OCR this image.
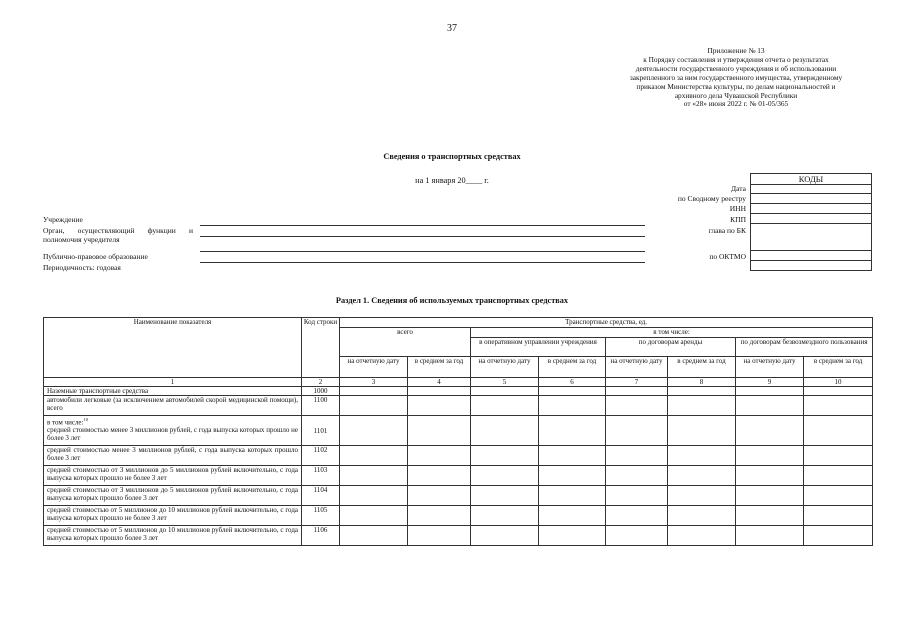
37
Приложение № 13
к Порядку составления и утверждения отчета о результатах
деятельности государственного учреждения и об использовании
закрепленного за ним государственного имущества, утвержденному
приказом Министерства культуры, по делам национальностей и
архивного дела Чувашской Республики
от «28» июня 2022 г. № 01-05/365
Сведения о транспортных средствах
на 1 января 20____ г.	КОДЫ

Дата
по Сводному реестру
ИНН
КПП
глава по БК
по ОКТМО
Учреждение
Орган, осуществляющий функции и полномочия учредителя
Публично-правовое образование
Периодичность: годовая
Раздел 1. Сведения об используемых транспортных средствах
Наименование показателя	Код строки	Транспортные средства, ед.							
		всего		в том числе:					
				в оперативном управлении учреждения		по договорам аренды		по договорам безвозмездного пользования	
		на отчетную дату	в среднем за год	на отчетную дату	в среднем за год	на отчетную дату	в среднем за год	на отчетную дату	в среднем за год
1	2	3	4	5	6	7	8	9	10
Наземные транспортные средства	1000								
автомобили легковые (за исключением автомобилей скорой медицинской помощи), всего	1100								
в том числе:$^{10}$
средней стоимостью менее 3 миллионов рублей, с года выпуска которых прошло не более 3 лет	1101								
средней стоимостью менее 3 миллионов рублей, с года выпуска которых прошло более 3 лет	1102								
средней стоимостью от 3 миллионов до 5 миллионов рублей включительно, с года выпуска которых прошло не более 3 лет	1103								
средней стоимостью от 3 миллионов до 5 миллионов рублей включительно, с года выпуска которых прошло более 3 лет	1104								
средней стоимостью от 5 миллионов до 10 миллионов рублей включительно, с года выпуска которых прошло не более 3 лет	1105								
средней стоимостью от 5 миллионов до 10 миллионов рублей включительно, с года выпуска которых прошло более 3 лет	1106								
